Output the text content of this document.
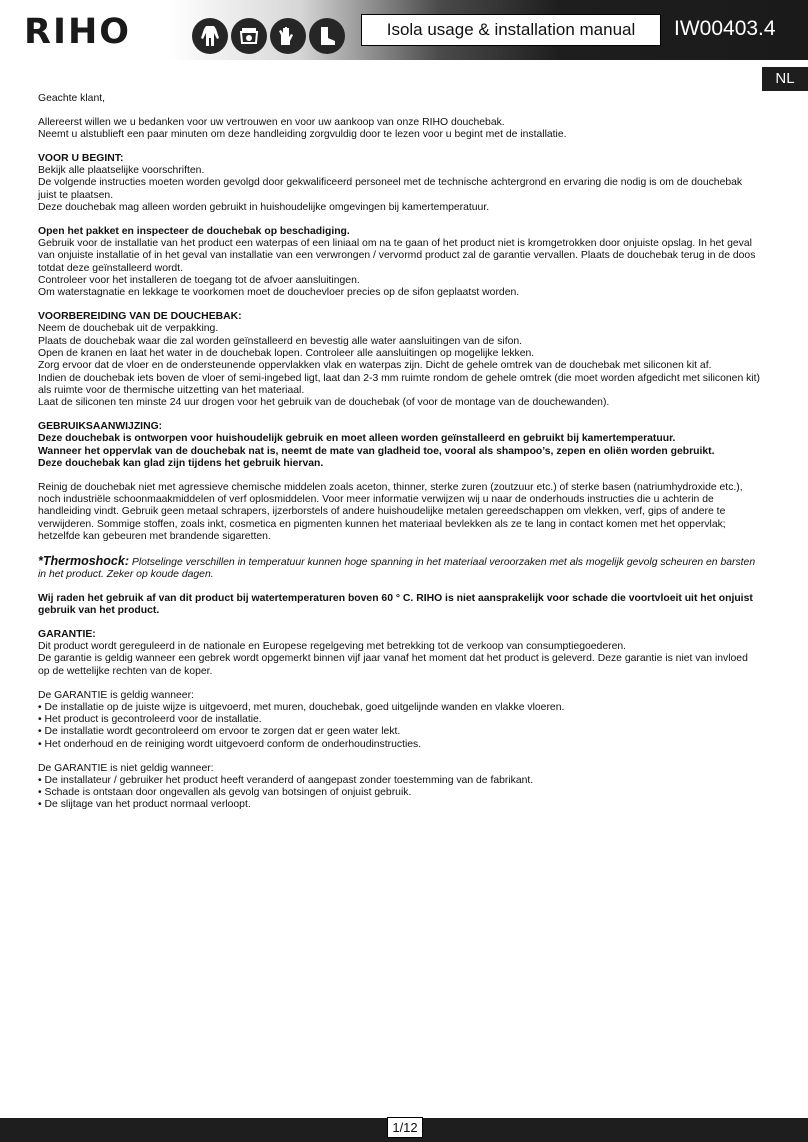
RIHO	Isola usage & installation manual	IW00403.4
NL

Geachte klant,

Allereerst willen we u bedanken voor uw vertrouwen en voor uw aankoop van onze RIHO douchebak.
Neemt u alstublieft een paar minuten om deze handleiding zorgvuldig door te lezen voor u begint met de installatie.

VOOR U BEGINT:
Bekijk alle plaatselijke voorschriften.
De volgende instructies moeten worden gevolgd door gekwalificeerd personeel met de technische achtergrond en ervaring die nodig is om de douchebak juist te plaatsen.
Deze douchebak mag alleen worden gebruikt in huishoudelijke omgevingen bij kamertemperatuur.

Open het pakket en inspecteer de douchebak op beschadiging.
Gebruik voor de installatie van het product een waterpas of een liniaal om na te gaan of het product niet is kromgetrokken door onjuiste opslag. In het geval van onjuiste installatie of in het geval van installatie van een verwrongen / vervormd product zal de garantie vervallen. Plaats de douchebak terug in de doos totdat deze geïnstalleerd wordt.
Controleer voor het installeren de toegang tot de afvoer aansluitingen.
Om waterstagnatie en lekkage te voorkomen moet de douchevloer precies op de sifon geplaatst worden.

VOORBEREIDING VAN DE DOUCHEBAK:
Neem de douchebak uit de verpakking.
Plaats de douchebak waar die zal worden geïnstalleerd en bevestig alle water aansluitingen van de sifon.
Open de kranen en laat het water in de douchebak lopen. Controleer alle aansluitingen op mogelijke lekken.
Zorg ervoor dat de vloer en de ondersteunende oppervlakken vlak en waterpas zijn. Dicht de gehele omtrek van de douchebak met siliconen kit af.
Indien de douchebak iets boven de vloer of semi-ingebed ligt, laat dan 2-3 mm ruimte rondom de gehele omtrek (die moet worden afgedicht met siliconen kit) als ruimte voor de thermische uitzetting van het materiaal.
Laat de siliconen ten minste 24 uur drogen voor het gebruik van de douchebak (of voor de montage van de douchewanden).

GEBRUIKSAANWIJZING:
Deze douchebak is ontworpen voor huishoudelijk gebruik en moet alleen worden geïnstalleerd en gebruikt bij kamertemperatuur.
Wanneer het oppervlak van de douchebak nat is, neemt de mate van gladheid toe, vooral als shampoo’s, zepen en oliën worden gebruikt.
Deze douchebak kan glad zijn tijdens het gebruik hiervan.

Reinig de douchebak niet met agressieve chemische middelen zoals aceton, thinner, sterke zuren (zoutzuur etc.) of sterke basen (natriumhydroxide etc.), noch industriële schoonmaakmiddelen of verf oplosmiddelen. Voor meer informatie verwijzen wij u naar de onderhouds instructies die u achterin de handleiding vindt. Gebruik geen metaal schrapers, ijzerborstels of andere huishoudelijke metalen gereedschappen om vlekken, verf, gips of andere te verwijderen. Sommige stoffen, zoals inkt, cosmetica en pigmenten kunnen het materiaal bevlekken als ze te lang in contact komen met het oppervlak; hetzelfde kan gebeuren met brandende sigaretten.

*Thermoshock: Plotselinge verschillen in temperatuur kunnen hoge spanning in het materiaal veroorzaken met als mogelijk gevolg scheuren en barsten in het product. Zeker op koude dagen.

Wij raden het gebruik af van dit product bij watertemperaturen boven 60 ° C. RIHO is niet aansprakelijk voor schade die voortvloeit uit het onjuist gebruik van het product.

GARANTIE:
Dit product wordt gereguleerd in de nationale en Europese regelgeving met betrekking tot de verkoop van consumptiegoederen.
De garantie is geldig wanneer een gebrek wordt opgemerkt binnen vijf jaar vanaf het moment dat het product is geleverd. Deze garantie is niet van invloed op de wettelijke rechten van de koper.

De GARANTIE is geldig wanneer:
• De installatie op de juiste wijze is uitgevoerd, met muren, douchebak, goed uitgelijnde wanden en vlakke vloeren.
• Het product is gecontroleerd voor de installatie.
• De installatie wordt gecontroleerd om ervoor te zorgen dat er geen water lekt.
• Het onderhoud en de reiniging wordt uitgevoerd conform de onderhoudinstructies.

De GARANTIE is niet geldig wanneer:
• De installateur / gebruiker het product heeft veranderd of aangepast zonder toestemming van de fabrikant.
• Schade is ontstaan door ongevallen als gevolg van botsingen of onjuist gebruik.
• De slijtage van het product normaal verloopt.

1/12
